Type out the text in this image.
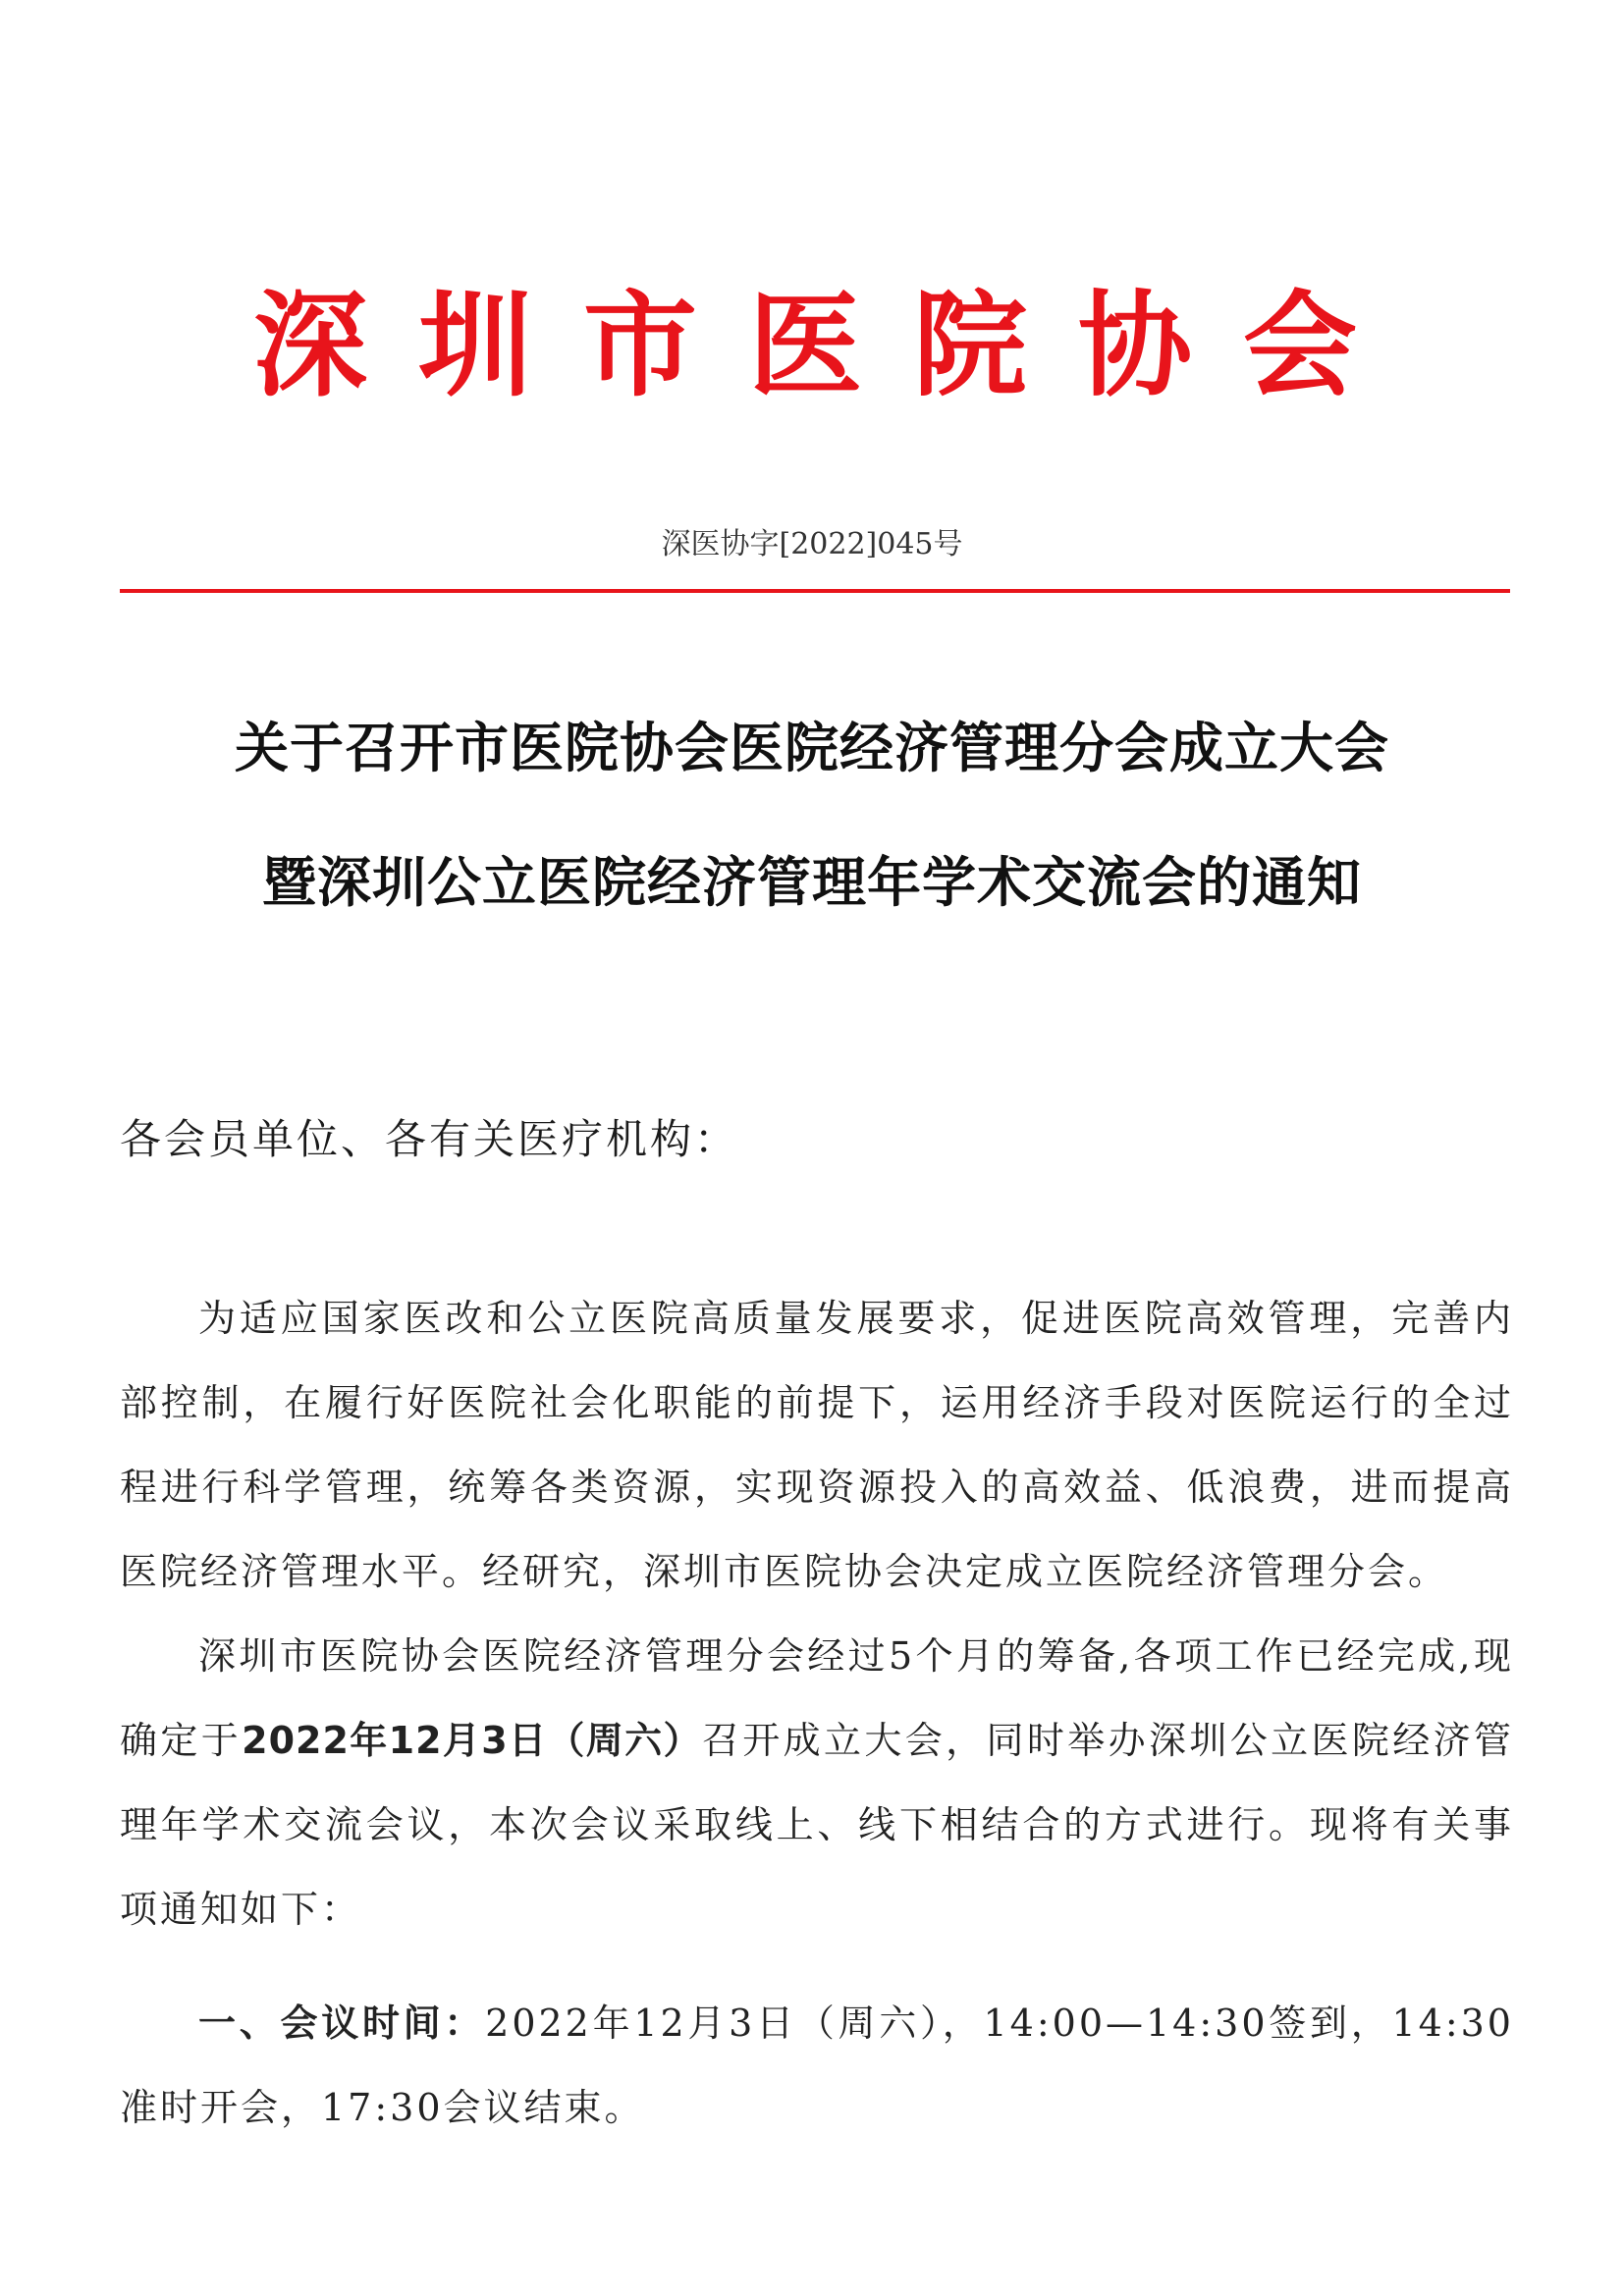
深圳市医院协会
深医协字[2022]045号
关于召开市医院协会医院经济管理分会成立大会
暨深圳公立医院经济管理年学术交流会的通知
各会员单位、各有关医疗机构：

为适应国家医改和公立医院高质量发展要求，促进医院高效管理，完善内部控制，在履行好医院社会化职能的前提下，运用经济手段对医院运行的全过程进行科学管理，统筹各类资源，实现资源投入的高效益、低浪费，进而提高医院经济管理水平。经研究，深圳市医院协会决定成立医院经济管理分会。

深圳市医院协会医院经济管理分会经过5个月的筹备,各项工作已经完成,现确定于2022年12月3日（周六）召开成立大会，同时举办深圳公立医院经济管理年学术交流会议，本次会议采取线上、线下相结合的方式进行。现将有关事项通知如下：

一、会议时间：2022年12月3日（周六），14:00—14:30签到，14:30准时开会，17:30会议结束。
